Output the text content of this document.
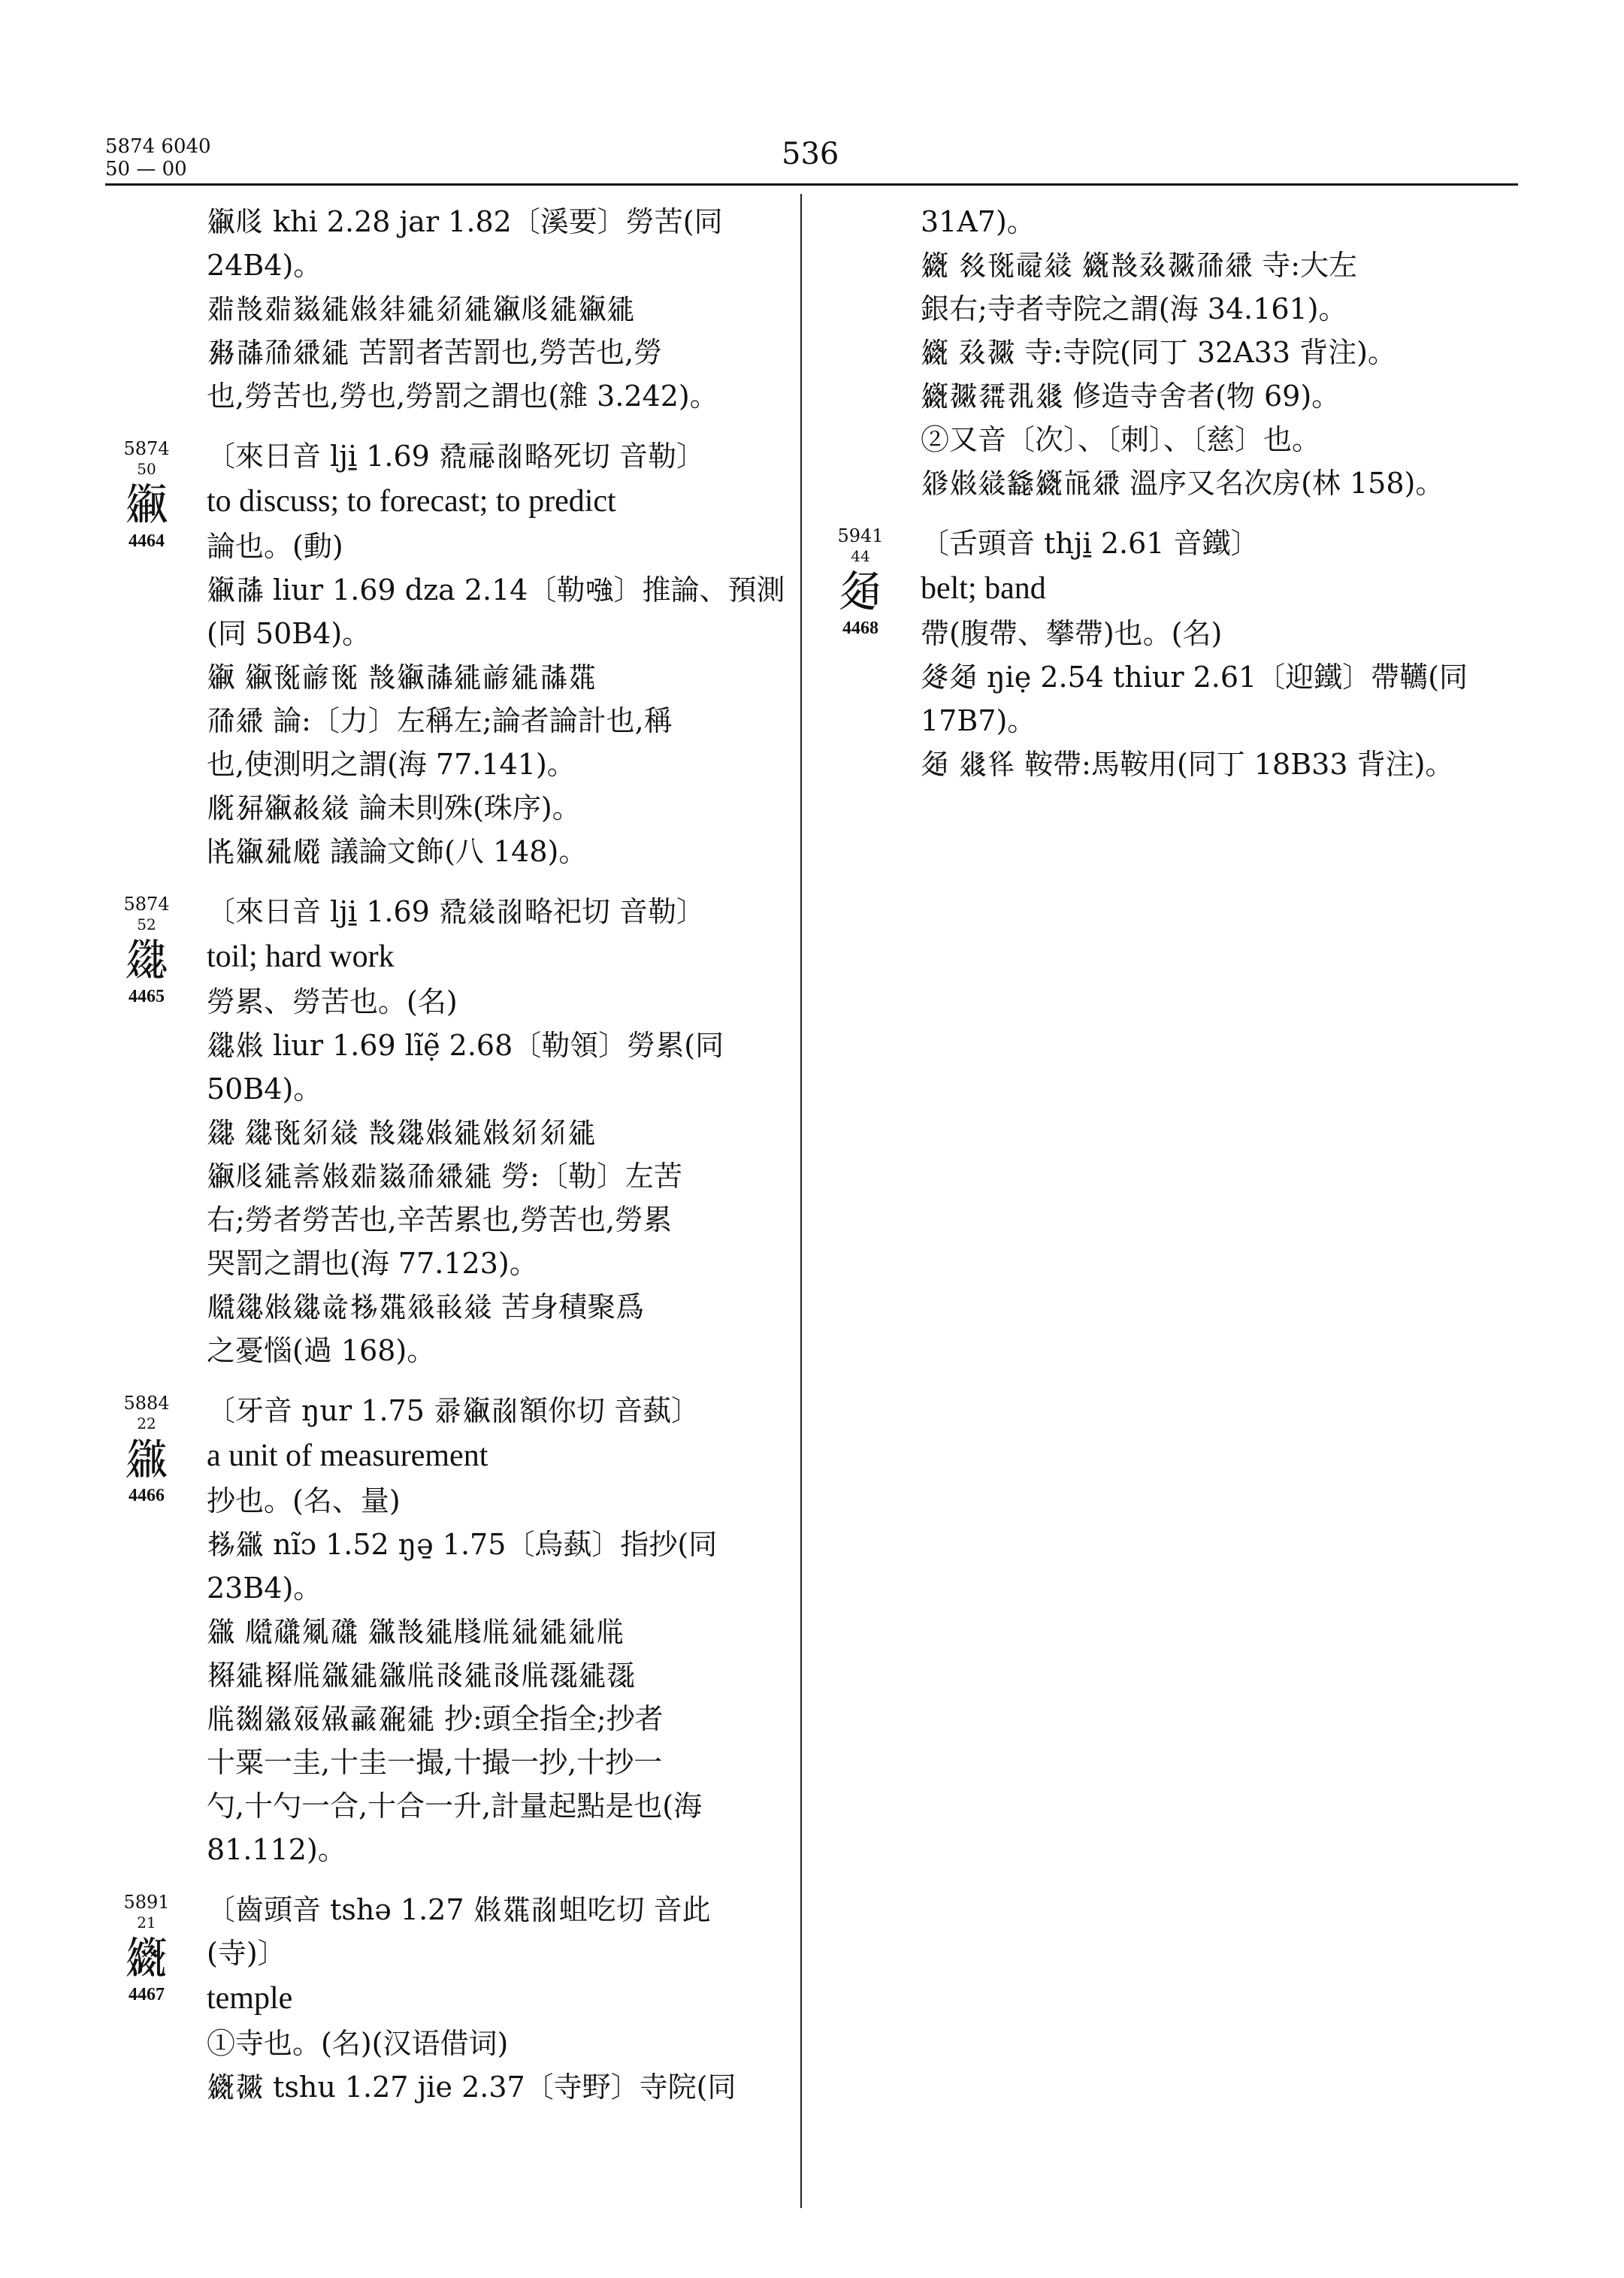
5874 6040
50 — 00	536

𗪨𗄴 khi 2.28 jar 1.82〔溪要〕勞苦(同 24B4)。

𘄽𘕕𘄽𘑄𗧓𗏡𗢳𗧓𗢯𗧓𗪨𗄴𗧓𗪨𗧓

𗉛𗰜𗗙𗧗𗧓 苦罰者苦罰也,勞苦也,勞

也,勞苦也,勞也,勞罰之謂也(雜 3.242)。

5874
50
𗪨
4464

〔來日音 lji̱ 1.69 𘟣𗄊𗰖略死切 音勒〕

to discuss; to forecast; to predict

論也。(動)

𗪨𗰜 liur 1.69 dza 2.14〔勒𠼢〕推論、預測

(同 50B4)。

𗪨 𗪨𗍊𗑗𗍊 𘕕𗪨𗰜𗧓𗑗𗧓𗰜𗶷

𗗙𗧗 論:〔力〕左稱左;論者論計也,稱

也,使測明之謂(海 77.141)。

𗅋𗉘𗪨𗳒𗧊 論未則殊(珠序)。

𗁂𗪨𗉣𗆧 議論文飾(八 148)。

5874
52
𗪩
4465

〔來日音 lji̱ 1.69 𘟣𗧊𗰖略祀切 音勒〕

toil; hard work

勞累、勞苦也。(名)

𗪩𗏡 liur 1.69 lĩẹ̃ 2.68〔勒領〕勞累(同 50B4)。

𗪩 𗪩𗍊𗢯𗧊 𘕕𗪩𗏡𗧓𗏡𗢯𗢯𗧓

𗪨𗄴𗧓𗑄𗏡𘄽𘑄𗗙𗧗𗧓 勞:〔勒〕左苦

右;勞者勞苦也,辛苦累也,勞苦也,勞累

哭罰之謂也(海 77.123)。

𗆮𗪩𗏡𗪩𗯨𗈪𗶷𗤻𗷰𗧊 苦身積聚爲

之憂惱(過 168)。

5884
22
𗫡
4466

〔牙音 ŋur 1.75 𗈁𗪨𗰖額你切 音蓺〕

a unit of measurement

抄也。(名、量)

𗈪𗫡 nĩɔ 1.52 ŋə̱ 1.75〔烏蓺〕指抄(同 23B4)。

𗫡 𗆮𗗢𗏇𗗢 𗫡𘕕𗧓𗹦𗄼𗣼𗧓𗣼𗄼

𗗫𗧓𗗫𗄼𗫡𗧓𗫡𗄼𗰗𗧓𗰗𗄼𗖰𗧓𗖰

𗄼𗉅𗫉𗡞𗏣𗈉𗘂𗧓 抄:頭全指全;抄者

十粟一圭,十圭一撮,十撮一抄,十抄一

勺,十勺一合,十合一升,計量起點是也(海

81.112)。

5891
21
𗫪
4467

〔齒頭音 tshə 1.27 𗏡𗶷𗰖蛆吃切 音此

(寺)〕

temple

①寺也。(名)(汉语借词)

𗫪𗗂 tshu 1.27 jie 2.37〔寺野〕寺院(同

31A7)。

𗫪 𗬥𗍊𗕣𗧊 𗫪𘕕𗡮𗗂𗗙𗧗 寺:大左

銀右;寺者寺院之謂(海 34.161)。

𗫪 𗡮𗗂 寺:寺院(同丁 32A33 背注)。

𗫪𗗂𗉂𗕻𗤔 修造寺舍者(物 69)。

②又音〔次〕、〔刺〕、〔慈〕也。

𗤁𗏡𗧊𗴮𗫪𗭍𗧗 溫序又名次房(林 158)。

5941
44
𗬀
4468

〔舌頭音 thji̱ 2.61 音鐵〕

belt; band

帶(腹帶、攀帶)也。(名)

𗬁𗬀 ŋiẹ 2.54 thiur 2.61〔迎鐵〕帶韉(同

17B7)。

𗬀 𗤔𗃛 鞍帶:馬鞍用(同丁 18B33 背注)。
